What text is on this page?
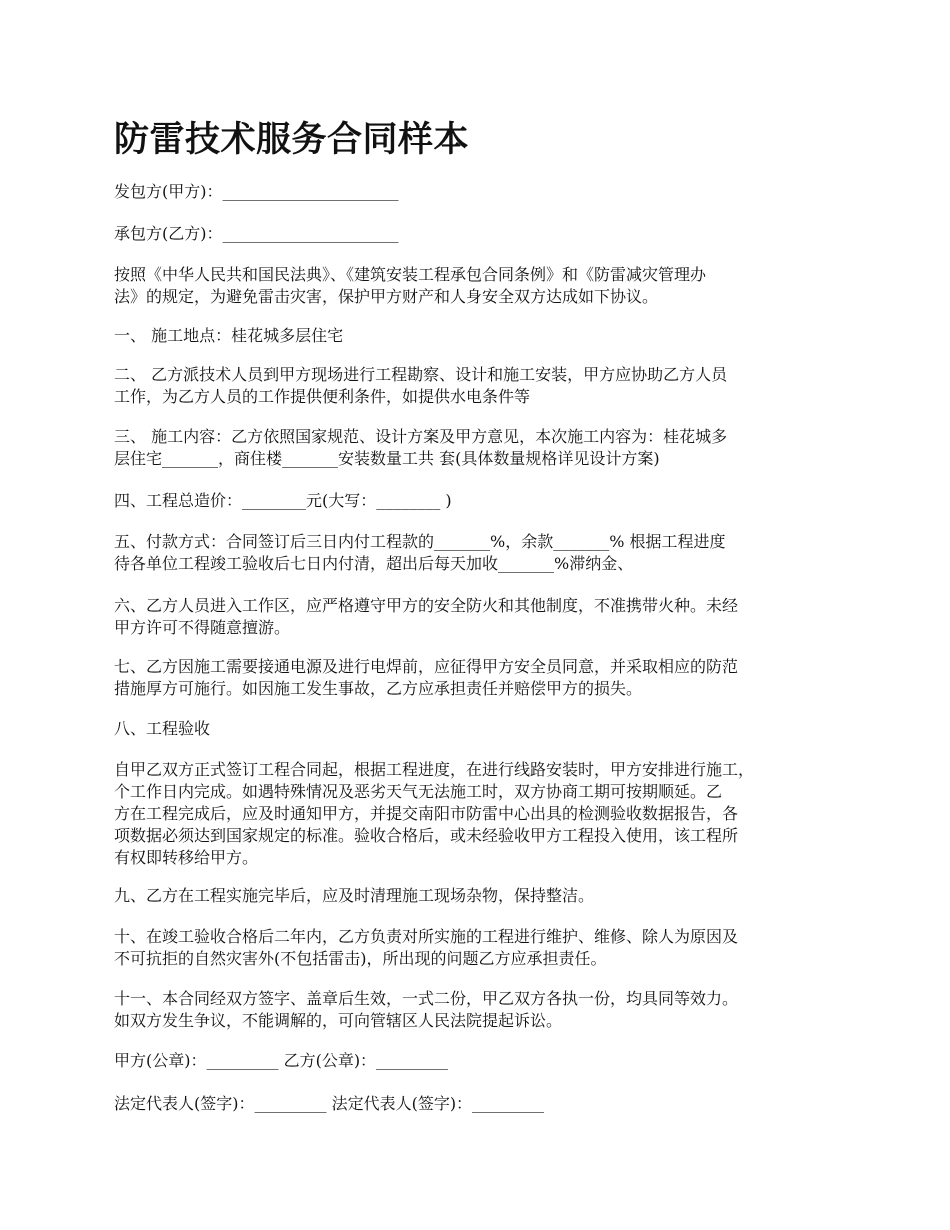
防雷技术服务合同样本

发包方(甲方)：______________________

承包方(乙方)：______________________

按照《中华人民共和国民法典》、《建筑安装工程承包合同条例》和《防雷减灾管理办
法》的规定，为避免雷击灾害，保护甲方财产和人身安全双方达成如下协议。

一、 施工地点：桂花城多层住宅

二、 乙方派技术人员到甲方现场进行工程勘察、设计和施工安装，甲方应协助乙方人员
工作，为乙方人员的工作提供便利条件，如提供水电条件等

三、 施工内容：乙方依照国家规范、设计方案及甲方意见，本次施工内容为：桂花城多
层住宅_______，商住楼_______安装数量工共 套(具体数量规格详见设计方案)

四、工程总造价：________元(大写：________ )

五、付款方式：合同签订后三日内付工程款的_______%，余款_______% 根据工程进度
待各单位工程竣工验收后七日内付清，超出后每天加收_______%滞纳金、

六、乙方人员进入工作区，应严格遵守甲方的安全防火和其他制度，不准携带火种。未经
甲方许可不得随意擅游。

七、乙方因施工需要接通电源及进行电焊前，应征得甲方安全员同意，并采取相应的防范
措施厚方可施行。如因施工发生事故，乙方应承担责任并赔偿甲方的损失。

八、工程验收

自甲乙双方正式签订工程合同起，根据工程进度，在进行线路安装时，甲方安排进行施工，
个工作日内完成。如遇特殊情况及恶劣天气无法施工时，双方协商工期可按期顺延。乙
方在工程完成后，应及时通知甲方，并提交南阳市防雷中心出具的检测验收数据报告，各
项数据必须达到国家规定的标准。验收合格后，或未经验收甲方工程投入使用，该工程所
有权即转移给甲方。

九、乙方在工程实施完毕后，应及时清理施工现场杂物，保持整洁。

十、在竣工验收合格后二年内，乙方负责对所实施的工程进行维护、维修、除人为原因及
不可抗拒的自然灾害外(不包括雷击)，所出现的问题乙方应承担责任。

十一、本合同经双方签字、盖章后生效，一式二份，甲乙双方各执一份，均具同等效力。
如双方发生争议，不能调解的，可向管辖区人民法院提起诉讼。

甲方(公章)：_________ 乙方(公章)：_________

法定代表人(签字)：_________ 法定代表人(签字)：_________
